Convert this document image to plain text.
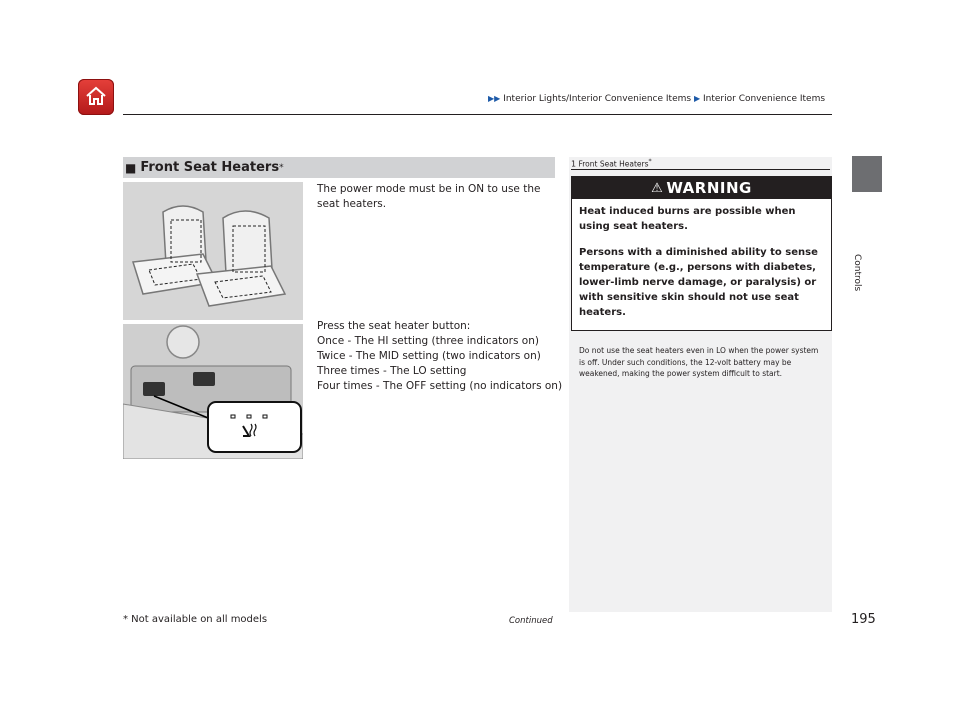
▶▶ Interior Lights/Interior Convenience Items ▶ Interior Convenience Items
Controls
■ Front Seat Heaters *
The power mode must be in ON to use the seat heaters.
Press the seat heater button:
Once - The HI setting (three indicators on)
Twice - The MID setting (two indicators on)
Three times - The LO setting
Four times - The OFF setting (no indicators on)
1 Front Seat Heaters*
⚠ WARNING
Heat induced burns are possible when using seat heaters.
Persons with a diminished ability to sense temperature (e.g., persons with diabetes, lower-limb nerve damage, or paralysis) or with sensitive skin should not use seat heaters.
Do not use the seat heaters even in LO when the power system is off. Under such conditions, the 12-volt battery may be weakened, making the power system difficult to start.
* Not available on all models	Continued	195
